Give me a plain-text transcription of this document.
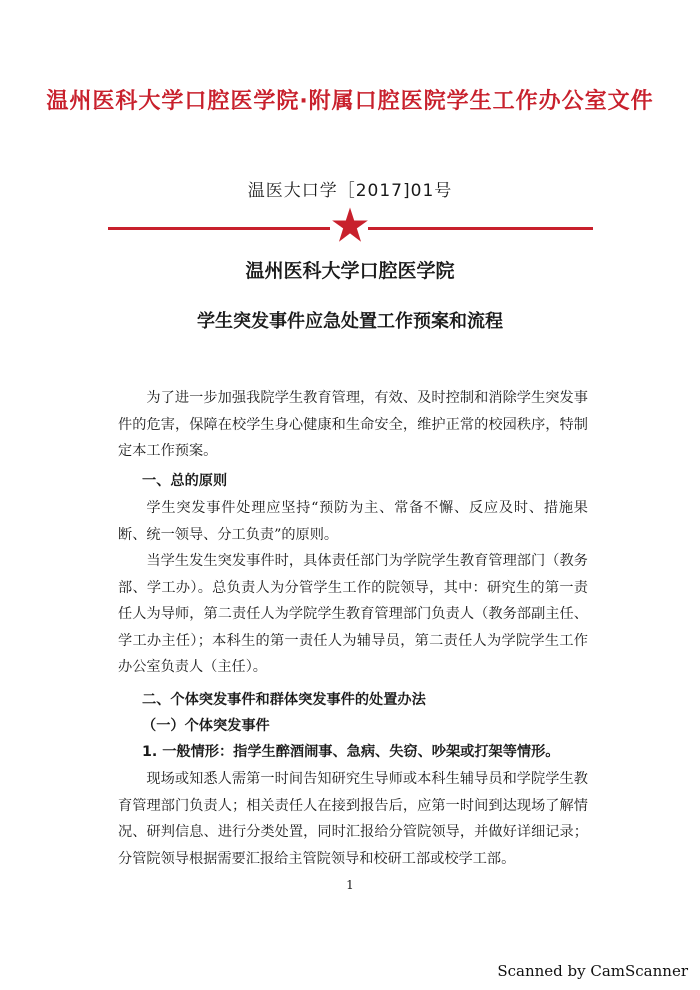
温州医科大学口腔医学院·附属口腔医院学生工作办公室文件
温医大口学［2017]01号
温州医科大学口腔医学院
学生突发事件应急处置工作预案和流程

为了进一步加强我院学生教育管理，有效、及时控制和消除学生突发事件的危害，保障在校学生身心健康和生命安全，维护正常的校园秩序，特制定本工作预案。

一、总的原则

学生突发事件处理应坚持“预防为主、常备不懈、反应及时、措施果断、统一领导、分工负责”的原则。

当学生发生突发事件时，具体责任部门为学院学生教育管理部门（教务部、学工办）。总负责人为分管学生工作的院领导，其中：研究生的第一责任人为导师，第二责任人为学院学生教育管理部门负责人（教务部副主任、学工办主任）；本科生的第一责任人为辅导员，第二责任人为学院学生工作办公室负责人（主任）。

二、个体突发事件和群体突发事件的处置办法
（一）个体突发事件
1. 一般情形：指学生醉酒闹事、急病、失窃、吵架或打架等情形。

现场或知悉人需第一时间告知研究生导师或本科生辅导员和学院学生教育管理部门负责人；相关责任人在接到报告后，应第一时间到达现场了解情况、研判信息、进行分类处置，同时汇报给分管院领导，并做好详细记录；分管院领导根据需要汇报给主管院领导和校研工部或校学工部。

1
Scanned by CamScanner
